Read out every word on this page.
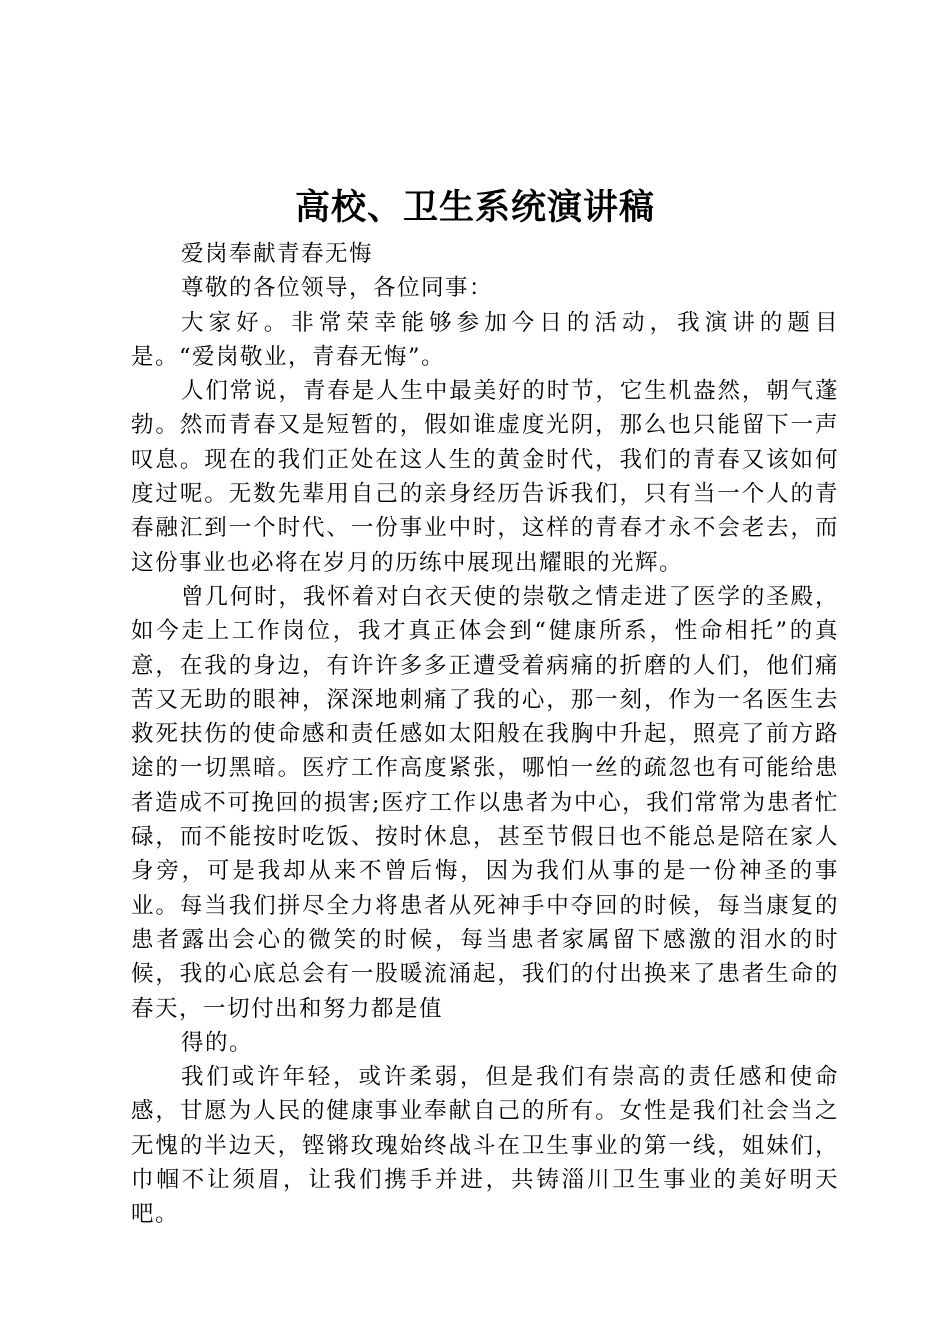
高校、卫生系统演讲稿

爱岗奉献青春无悔

尊敬的各位领导，各位同事：

大家好。非常荣幸能够参加今日的活动，我演讲的题目是。“爱岗敬业，青春无悔”。

人们常说，青春是人生中最美好的时节，它生机盎然，朝气蓬勃。然而青春又是短暂的，假如谁虚度光阴，那么也只能留下一声叹息。现在的我们正处在这人生的黄金时代，我们的青春又该如何度过呢。无数先辈用自己的亲身经历告诉我们，只有当一个人的青春融汇到一个时代、一份事业中时，这样的青春才永不会老去，而这份事业也必将在岁月的历练中展现出耀眼的光辉。

曾几何时，我怀着对白衣天使的崇敬之情走进了医学的圣殿，如今走上工作岗位，我才真正体会到“健康所系，性命相托”的真意，在我的身边，有许许多多正遭受着病痛的折磨的人们，他们痛苦又无助的眼神，深深地刺痛了我的心，那一刻，作为一名医生去救死扶伤的使命感和责任感如太阳般在我胸中升起，照亮了前方路途的一切黑暗。医疗工作高度紧张，哪怕一丝的疏忽也有可能给患者造成不可挽回的损害;医疗工作以患者为中心，我们常常为患者忙碌，而不能按时吃饭、按时休息，甚至节假日也不能总是陪在家人身旁，可是我却从来不曾后悔，因为我们从事的是一份神圣的事业。每当我们拼尽全力将患者从死神手中夺回的时候，每当康复的患者露出会心的微笑的时候，每当患者家属留下感激的泪水的时候，我的心底总会有一股暖流涌起，我们的付出换来了患者生命的春天，一切付出和努力都是值

得的。

我们或许年轻，或许柔弱，但是我们有崇高的责任感和使命感，甘愿为人民的健康事业奉献自己的所有。女性是我们社会当之无愧的半边天，铿锵玫瑰始终战斗在卫生事业的第一线，姐妹们，巾帼不让须眉，让我们携手并进，共铸淄川卫生事业的美好明天吧。
